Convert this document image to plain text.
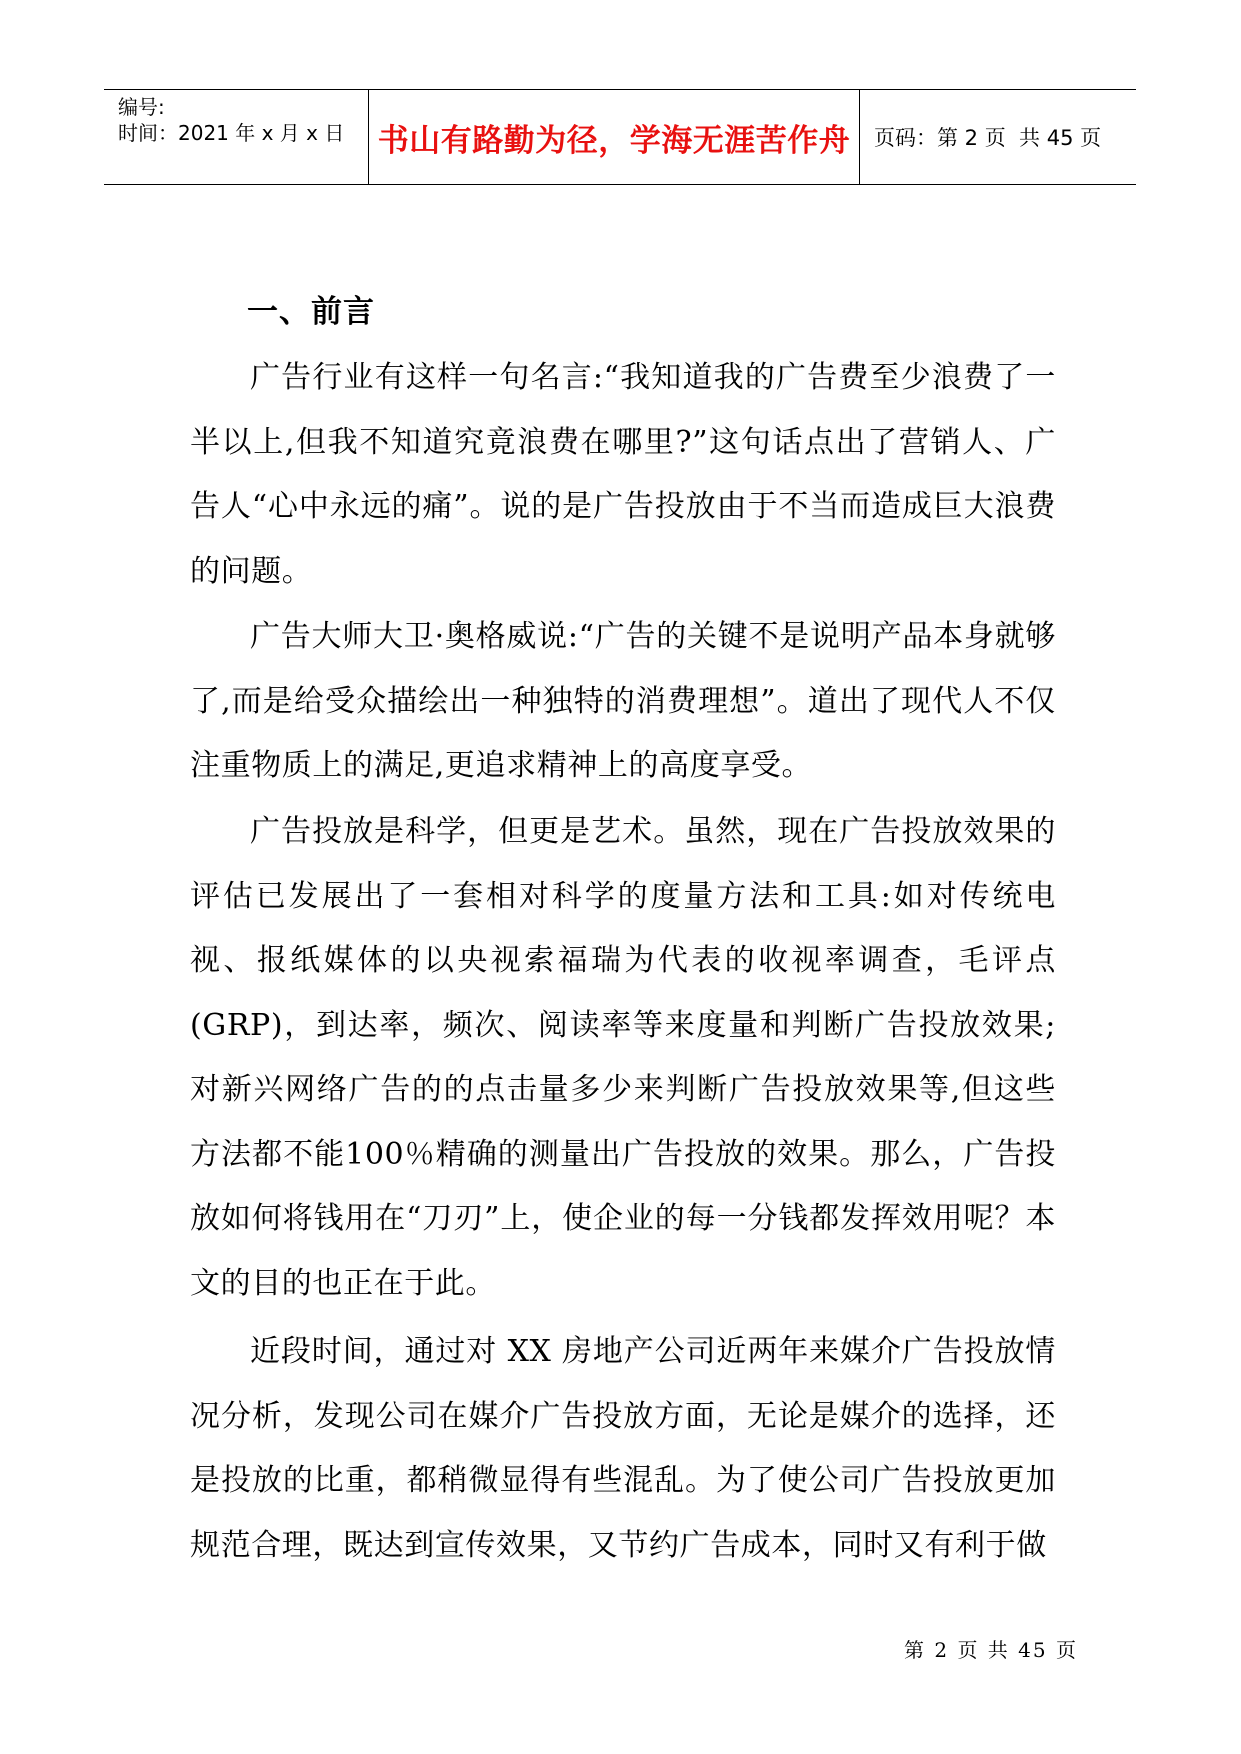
编号:
时间：2021 年 x 月 x 日 书山有路勤为径，学海无涯苦作舟	页码：第 2 页  共 45 页
一、前言

广告行业有这样一句名言:“我知道我的广告费至少浪费了一半以上,但我不知道究竟浪费在哪里?”这句话点出了营销人、广告人“心中永远的痛”。说的是广告投放由于不当而造成巨大浪费的问题。

广告大师大卫·奥格威说:“广告的关键不是说明产品本身就够了,而是给受众描绘出一种独特的消费理想”。道出了现代人不仅注重物质上的满足,更追求精神上的高度享受。

广告投放是科学，但更是艺术。虽然，现在广告投放效果的评估已发展出了一套相对科学的度量方法和工具:如对传统电视、报纸媒体的以央视索福瑞为代表的收视率调查，毛评点(GRP)，到达率，频次、阅读率等来度量和判断广告投放效果;对新兴网络广告的的点击量多少来判断广告投放效果等,但这些方法都不能100％精确的测量出广告投放的效果。那么，广告投放如何将钱用在“刀刃”上，使企业的每一分钱都发挥效用呢？本文的目的也正在于此。

近段时间，通过对 XX 房地产公司近两年来媒介广告投放情况分析，发现公司在媒介广告投放方面，无论是媒介的选择，还是投放的比重，都稍微显得有些混乱。为了使公司广告投放更加规范合理，既达到宣传效果，又节约广告成本，同时又有利于做

第 2 页 共 45 页
